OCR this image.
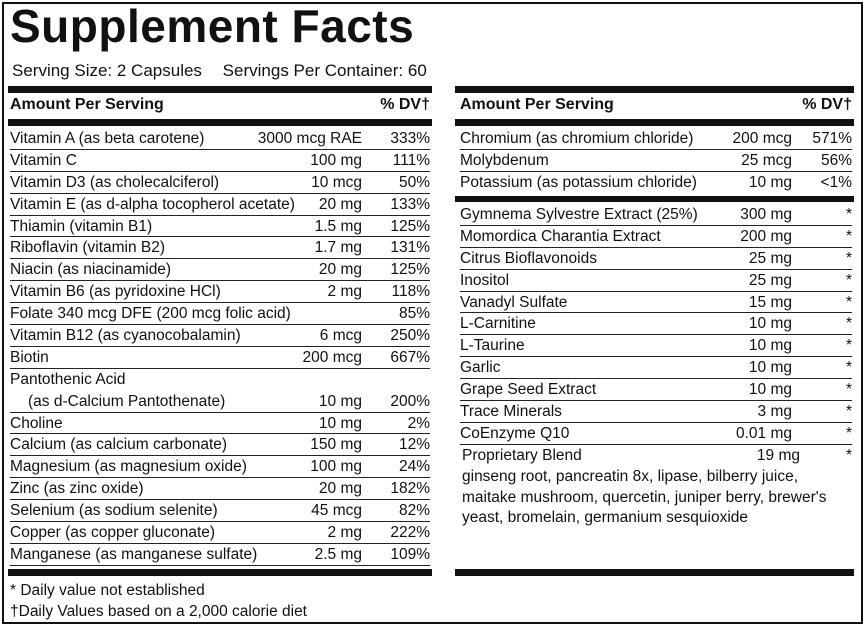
Supplement Facts
Serving Size: 2 Capsules Servings Per Container: 60
Amount Per Serving	% DV†
Vitamin A (as beta carotene)	3000 mcg RAE 333%
Vitamin C	100 mg 111%
Vitamin D3 (as cholecalciferol)	10 mcg 50%
Vitamin E (as d-alpha tocopherol acetate) 20 mg 133%
Thiamin (vitamin B1)	1.5 mg 125%
Riboflavin (vitamin B2)	1.7 mg 131%
Niacin (as niacinamide)	20 mg 125%
Vitamin B6 (as pyridoxine HCl)	2 mg 118%
Folate 340 mcg DFE (200 mcg folic acid)	85%
Vitamin B12 (as cyanocobalamin)	6 mcg 250%
Biotin	200 mcg 667%
Pantothenic Acid
(as d-Calcium Pantothenate)	10 mg 200%
Choline	10 mg	2%
Calcium (as calcium carbonate)	150 mg 12%
Magnesium (as magnesium oxide)	100 mg 24%
Zinc (as zinc oxide)	20 mg 182%
Selenium (as sodium selenite)	45 mcg 82%
Copper (as copper gluconate)	2 mg 222%
Manganese (as manganese sulfate)	2.5 mg 109%
Amount Per Serving	% DV†
Chromium (as chromium chloride)	200 mcg 571%
Molybdenum	25 mcg 56%
Potassium (as potassium chloride)	10 mg <1%
Gymnema Sylvestre Extract (25%)	300 mg	*
Momordica Charantia Extract	200 mg	*
Citrus Bioflavonoids	25 mg	*
Inositol	25 mg	*
Vanadyl Sulfate	15 mg	*
L-Carnitine	10 mg	*
L-Taurine	10 mg	*
Garlic	10 mg	*
Grape Seed Extract	10 mg	*
Trace Minerals	3 mg	*
CoEnzyme Q10	0.01 mg	*
Proprietary Blend	19 mg	*
ginseng root, pancreatin 8x, lipase, bilberry juice, maitake mushroom, quercetin, juniper berry, brewer's yeast, bromelain, germanium sesquioxide
* Daily value not established
†Daily Values based on a 2,000 calorie diet
